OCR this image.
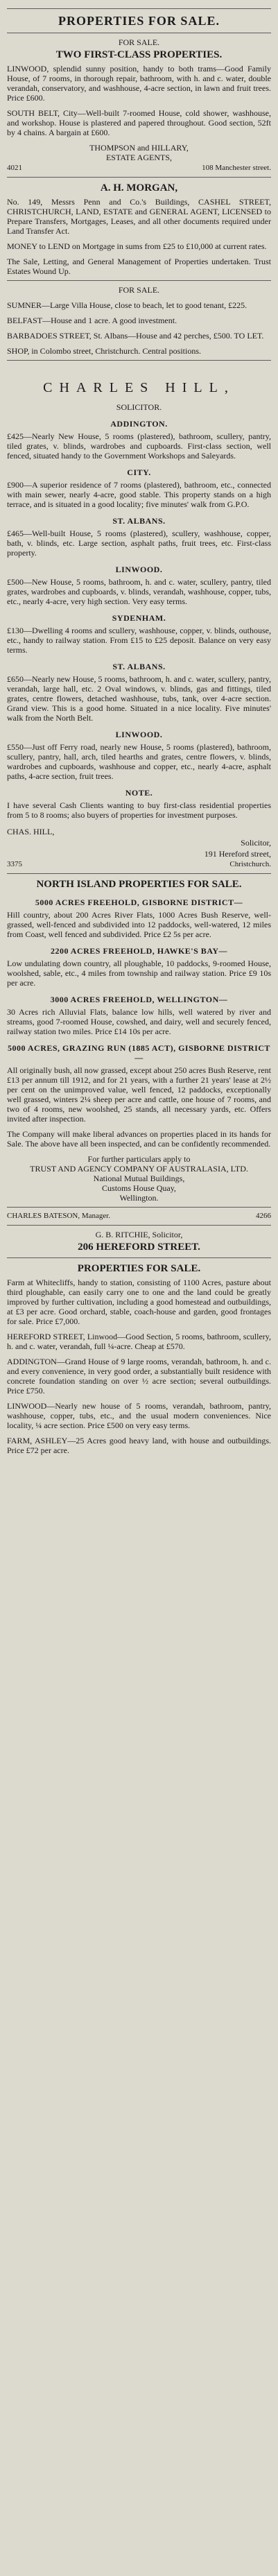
PROPERTIES FOR SALE.
FOR SALE.
TWO FIRST-CLASS PROPERTIES.

LINWOOD, splendid sunny position, handy to both trams—Good Family House, of 7 rooms, in thorough repair, bathroom, with h. and c. water, double verandah, conservatory, and washhouse, 4-acre section, in lawn and fruit trees. Price £600.

SOUTH BELT, City—Well-built 7-roomed House, cold shower, washhouse, and workshop. House is plastered and papered throughout. Good section, 52ft by 4 chains. A bargain at £600.

THOMPSON and HILLARY,
ESTATE AGENTS,
4021	108 Manchester street.
A. H. MORGAN,

No. 149, Messrs Penn and Co.'s Buildings, CASHEL STREET, CHRISTCHURCH, LAND, ESTATE and GENERAL AGENT, LICENSED to Prepare Transfers, Mortgages, Leases, and all other documents required under Land Transfer Act.

MONEY to LEND on Mortgage in sums from £25 to £10,000 at current rates.

The Sale, Letting, and General Management of Properties undertaken. Trust Estates Wound Up.

FOR SALE.

SUMNER—Large Villa House, close to beach, let to good tenant, £225.

BELFAST—House and 1 acre. A good investment.

BARBADOES STREET, St. Albans—House and 42 perches, £500. TO LET.

SHOP, in Colombo street, Christchurch. Central positions.

CHARLES HILL,
SOLICITOR.
ADDINGTON.

£425—Nearly New House, 5 rooms (plastered), bathroom, scullery, pantry, tiled grates, v. blinds, wardrobes and cupboards. First-class section, well fenced, situated handy to the Government Workshops and Saleyards.

CITY.

£900—A superior residence of 7 rooms (plastered), bathroom, etc., connected with main sewer, nearly 4-acre, good stable. This property stands on a high terrace, and is situated in a good locality; five minutes' walk from G.P.O.

ST. ALBANS.

£465—Well-built House, 5 rooms (plastered), scullery, washhouse, copper, bath, v. blinds, etc. Large section, asphalt paths, fruit trees, etc. First-class property.

LINWOOD.

£500—New House, 5 rooms, bathroom, h. and c. water, scullery, pantry, tiled grates, wardrobes and cupboards, v. blinds, verandah, washhouse, copper, tubs, etc., nearly 4-acre, very high section. Very easy terms.

SYDENHAM.

£130—Dwelling 4 rooms and scullery, washhouse, copper, v. blinds, outhouse, etc., handy to railway station. From £15 to £25 deposit. Balance on very easy terms.

ST. ALBANS.

£650—Nearly new House, 5 rooms, bathroom, h. and c. water, scullery, pantry, verandah, large hall, etc. 2 Oval windows, v. blinds, gas and fittings, tiled grates, centre flowers, detached washhouse, tubs, tank, over 4-acre section. Grand view. This is a good home. Situated in a nice locality. Five minutes' walk from the North Belt.

LINWOOD.

£550—Just off Ferry road, nearly new House, 5 rooms (plastered), bathroom, scullery, pantry, hall, arch, tiled hearths and grates, centre flowers, v. blinds, wardrobes and cupboards, washhouse and copper, etc., nearly 4-acre, asphalt paths, 4-acre section, fruit trees.

NOTE.

I have several Cash Clients wanting to buy first-class residential properties from 5 to 8 rooms; also buyers of properties for investment purposes.

CHAS. HILL,
Solicitor,
191 Hereford street,
3375	Christchurch.
NORTH ISLAND PROPERTIES FOR SALE.
5000 ACRES FREEHOLD, GISBORNE DISTRICT—

Hill country, about 200 Acres River Flats, 1000 Acres Bush Reserve, well-grassed, well-fenced and subdivided into 12 paddocks, well-watered, 12 miles from Coast, well fenced and subdivided. Price £2 5s per acre.

2200 ACRES FREEHOLD, HAWKE'S BAY—

Low undulating down country, all ploughable, 10 paddocks, 9-roomed House, woolshed, sable, etc., 4 miles from township and railway station. Price £9 10s per acre.

3000 ACRES FREEHOLD, WELLINGTON—

30 Acres rich Alluvial Flats, balance low hills, well watered by river and streams, good 7-roomed House, cowshed, and dairy, well and securely fenced, railway station two miles. Price £14 10s per acre.

5000 ACRES, GRAZING RUN (1885 ACT), GISBORNE DISTRICT—

All originally bush, all now grassed, except about 250 acres Bush Reserve, rent £13 per annum till 1912, and for 21 years, with a further 21 years' lease at 2½ per cent on the unimproved value, well fenced, 12 paddocks, exceptionally well grassed, winters 2¼ sheep per acre and cattle, one house of 7 rooms, and two of 4 rooms, new woolshed, 25 stands, all necessary yards, etc. Offers invited after inspection.

The Company will make liberal advances on properties placed in its hands for Sale. The above have all been inspected, and can be confidently recommended.

For further particulars apply to

TRUST AND AGENCY COMPANY OF AUSTRALASIA, LTD.

National Mutual Buildings,

Customs House Quay,

Wellington.

CHARLES BATESON, Manager.	4266
G. B. RITCHIE, Solicitor,
206 HEREFORD STREET.
PROPERTIES FOR SALE.

Farm at Whitecliffs, handy to station, consisting of 1100 Acres, pasture about third ploughable, can easily carry one to one and the land could be greatly improved by further cultivation, including a good homestead and outbuildings, at £3 per acre. Good orchard, stable, coach-house and garden, good frontages for sale. Price £7,000.

HEREFORD STREET, Linwood—Good Section, 5 rooms, bathroom, scullery, h. and c. water, verandah, full ¼-acre. Cheap at £570.

ADDINGTON—Grand House of 9 large rooms, verandah, bathroom, h. and c. and every convenience, in very good order, a substantially built residence with concrete foundation standing on over ½ acre section; several outbuildings. Price £750.

LINWOOD—Nearly new house of 5 rooms, verandah, bathroom, pantry, washhouse, copper, tubs, etc., and the usual modern conveniences. Nice locality, ¼ acre section. Price £500 on very easy terms.

FARM, ASHLEY—25 Acres good heavy land, with house and outbuildings. Price £72 per acre.
